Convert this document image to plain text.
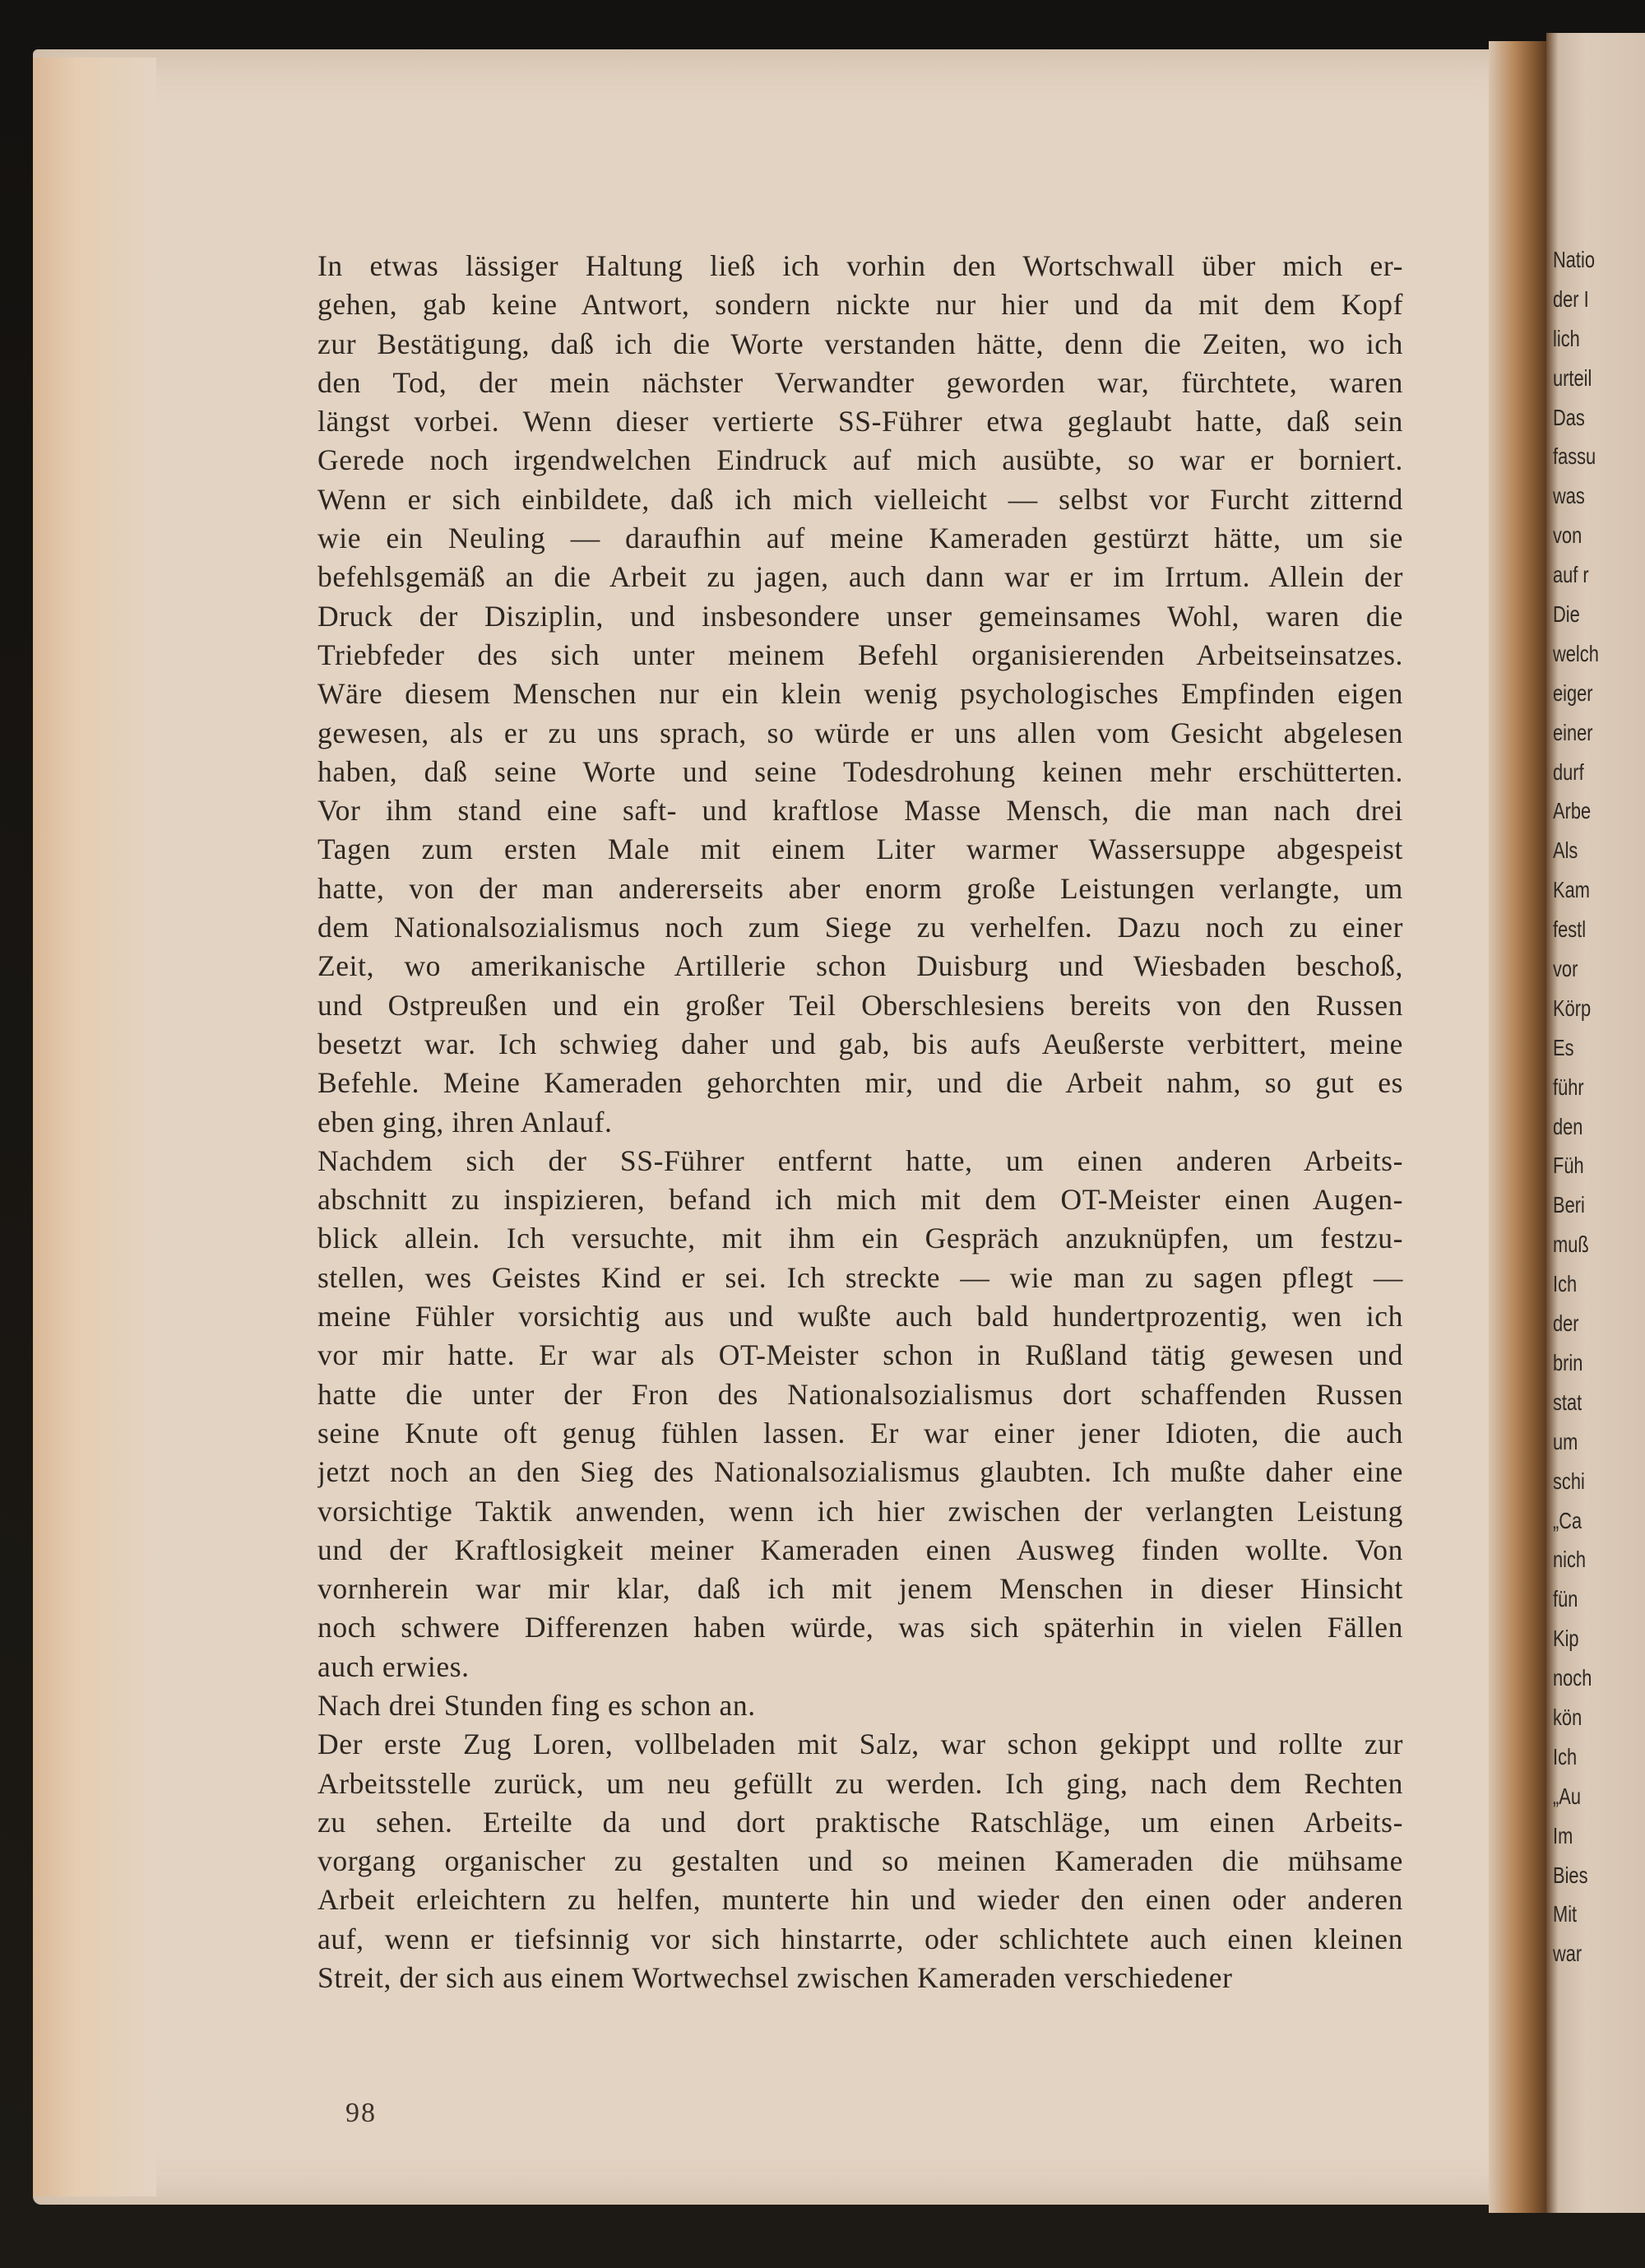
In etwas lässiger Haltung ließ ich vorhin den Wortschwall über mich er-
gehen, gab keine Antwort, sondern nickte nur hier und da mit dem Kopf
zur Bestätigung, daß ich die Worte verstanden hätte, denn die Zeiten, wo ich
den Tod, der mein nächster Verwandter geworden war, fürchtete, waren
längst vorbei. Wenn dieser vertierte SS-Führer etwa geglaubt hatte, daß sein
Gerede noch irgendwelchen Eindruck auf mich ausübte, so war er borniert.
Wenn er sich einbildete, daß ich mich vielleicht — selbst vor Furcht zitternd
wie ein Neuling — daraufhin auf meine Kameraden gestürzt hätte, um sie
befehlsgemäß an die Arbeit zu jagen, auch dann war er im Irrtum. Allein der
Druck der Disziplin, und insbesondere unser gemeinsames Wohl, waren die
Triebfeder des sich unter meinem Befehl organisierenden Arbeitseinsatzes.
Wäre diesem Menschen nur ein klein wenig psychologisches Empfinden eigen
gewesen, als er zu uns sprach, so würde er uns allen vom Gesicht abgelesen
haben, daß seine Worte und seine Todesdrohung keinen mehr erschütterten.
Vor ihm stand eine saft- und kraftlose Masse Mensch, die man nach drei
Tagen zum ersten Male mit einem Liter warmer Wassersuppe abgespeist
hatte, von der man andererseits aber enorm große Leistungen verlangte, um
dem Nationalsozialismus noch zum Siege zu verhelfen. Dazu noch zu einer
Zeit, wo amerikanische Artillerie schon Duisburg und Wiesbaden beschoß,
und Ostpreußen und ein großer Teil Oberschlesiens bereits von den Russen
besetzt war. Ich schwieg daher und gab, bis aufs Aeußerste verbittert, meine
Befehle. Meine Kameraden gehorchten mir, und die Arbeit nahm, so gut es
eben ging, ihren Anlauf.
Nachdem sich der SS-Führer entfernt hatte, um einen anderen Arbeits-
abschnitt zu inspizieren, befand ich mich mit dem OT-Meister einen Augen-
blick allein. Ich versuchte, mit ihm ein Gespräch anzuknüpfen, um festzu-
stellen, wes Geistes Kind er sei. Ich streckte — wie man zu sagen pflegt —
meine Fühler vorsichtig aus und wußte auch bald hundertprozentig, wen ich
vor mir hatte. Er war als OT-Meister schon in Rußland tätig gewesen und
hatte die unter der Fron des Nationalsozialismus dort schaffenden Russen
seine Knute oft genug fühlen lassen. Er war einer jener Idioten, die auch
jetzt noch an den Sieg des Nationalsozialismus glaubten. Ich mußte daher eine
vorsichtige Taktik anwenden, wenn ich hier zwischen der verlangten Leistung
und der Kraftlosigkeit meiner Kameraden einen Ausweg finden wollte. Von
vornherein war mir klar, daß ich mit jenem Menschen in dieser Hinsicht
noch schwere Differenzen haben würde, was sich späterhin in vielen Fällen
auch erwies.
Nach drei Stunden fing es schon an.
Der erste Zug Loren, vollbeladen mit Salz, war schon gekippt und rollte zur
Arbeitsstelle zurück, um neu gefüllt zu werden. Ich ging, nach dem Rechten
zu sehen. Erteilte da und dort praktische Ratschläge, um einen Arbeits-
vorgang organischer zu gestalten und so meinen Kameraden die mühsame
Arbeit erleichtern zu helfen, munterte hin und wieder den einen oder anderen
auf, wenn er tiefsinnig vor sich hinstarrte, oder schlichtete auch einen kleinen
Streit, der sich aus einem Wortwechsel zwischen Kameraden verschiedener
98
Natio
der I
lich
urteil
Das
fassu
was
von
auf r
Die
welch
eiger
einer
durf
Arbe
Als
Kam
festl
vor
Körp
Es
führ
den
Füh
Beri
muß
Ich
der
brin
stat
um
schi
„Ca
nich
fün
Kip
noch
kön
Ich
„Au
Im
Bies
Mit
war
